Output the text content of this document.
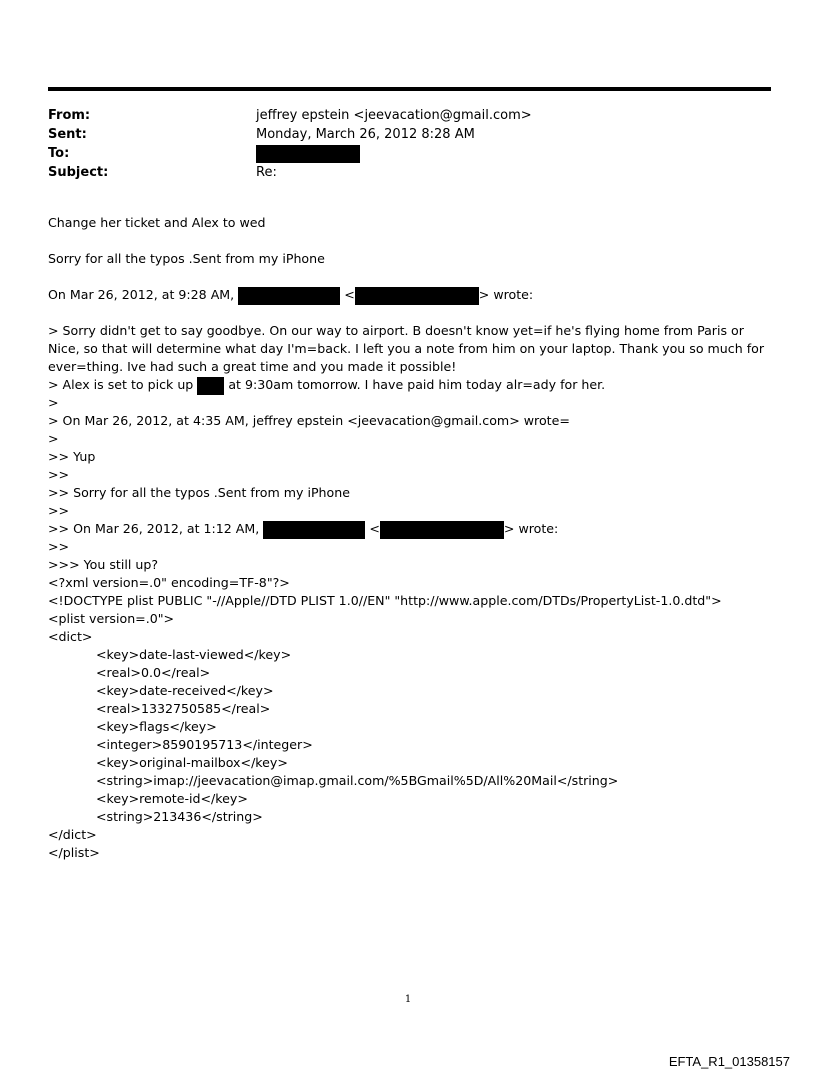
From:	jeffrey epstein <jeevacation@gmail.com>
Sent:	Monday, March 26, 2012 8:28 AM
To:
Subject:	Re:
Change her ticket and Alex to wed
Sorry for all the typos .Sent from my iPhone
On Mar 26, 2012, at 9:28 AM,	<	> wrote:
> Sorry didn't get to say goodbye. On our way to airport. B doesn't know yet=if he's flying home from Paris or Nice, so that will determine what day I'm=back. I left you a note from him on your laptop. Thank you so much for ever=thing. Ive had such a great time and you made it possible!
> Alex is set to pick up	at 9:30am tomorrow. I have paid him today alr=ady for her.
>
> On Mar 26, 2012, at 4:35 AM, jeffrey epstein <jeevacation@gmail.com> wrote=
>
>> Yup
>>
>> Sorry for all the typos .Sent from my iPhone
>>
>> On Mar 26, 2012, at 1:12 AM,	<	> wrote:
>>
>>> You still up?
<?xml version=.0" encoding=TF-8"?>
<!DOCTYPE plist PUBLIC "-//Apple//DTD PLIST 1.0//EN" "http://www.apple.com/DTDs/PropertyList-1.0.dtd">
<plist version=.0">
<dict>
<key>date-last-viewed</key>
<real>0.0</real>
<key>date-received</key>
<real>1332750585</real>
<key>flags</key>
<integer>8590195713</integer>
<key>original-mailbox</key>
<string>imap://jeevacation@imap.gmail.com/%5BGmail%5D/All%20Mail</string>
<key>remote-id</key>
<string>213436</string>
</dict>
</plist>
1
EFTA_R1_01358157
